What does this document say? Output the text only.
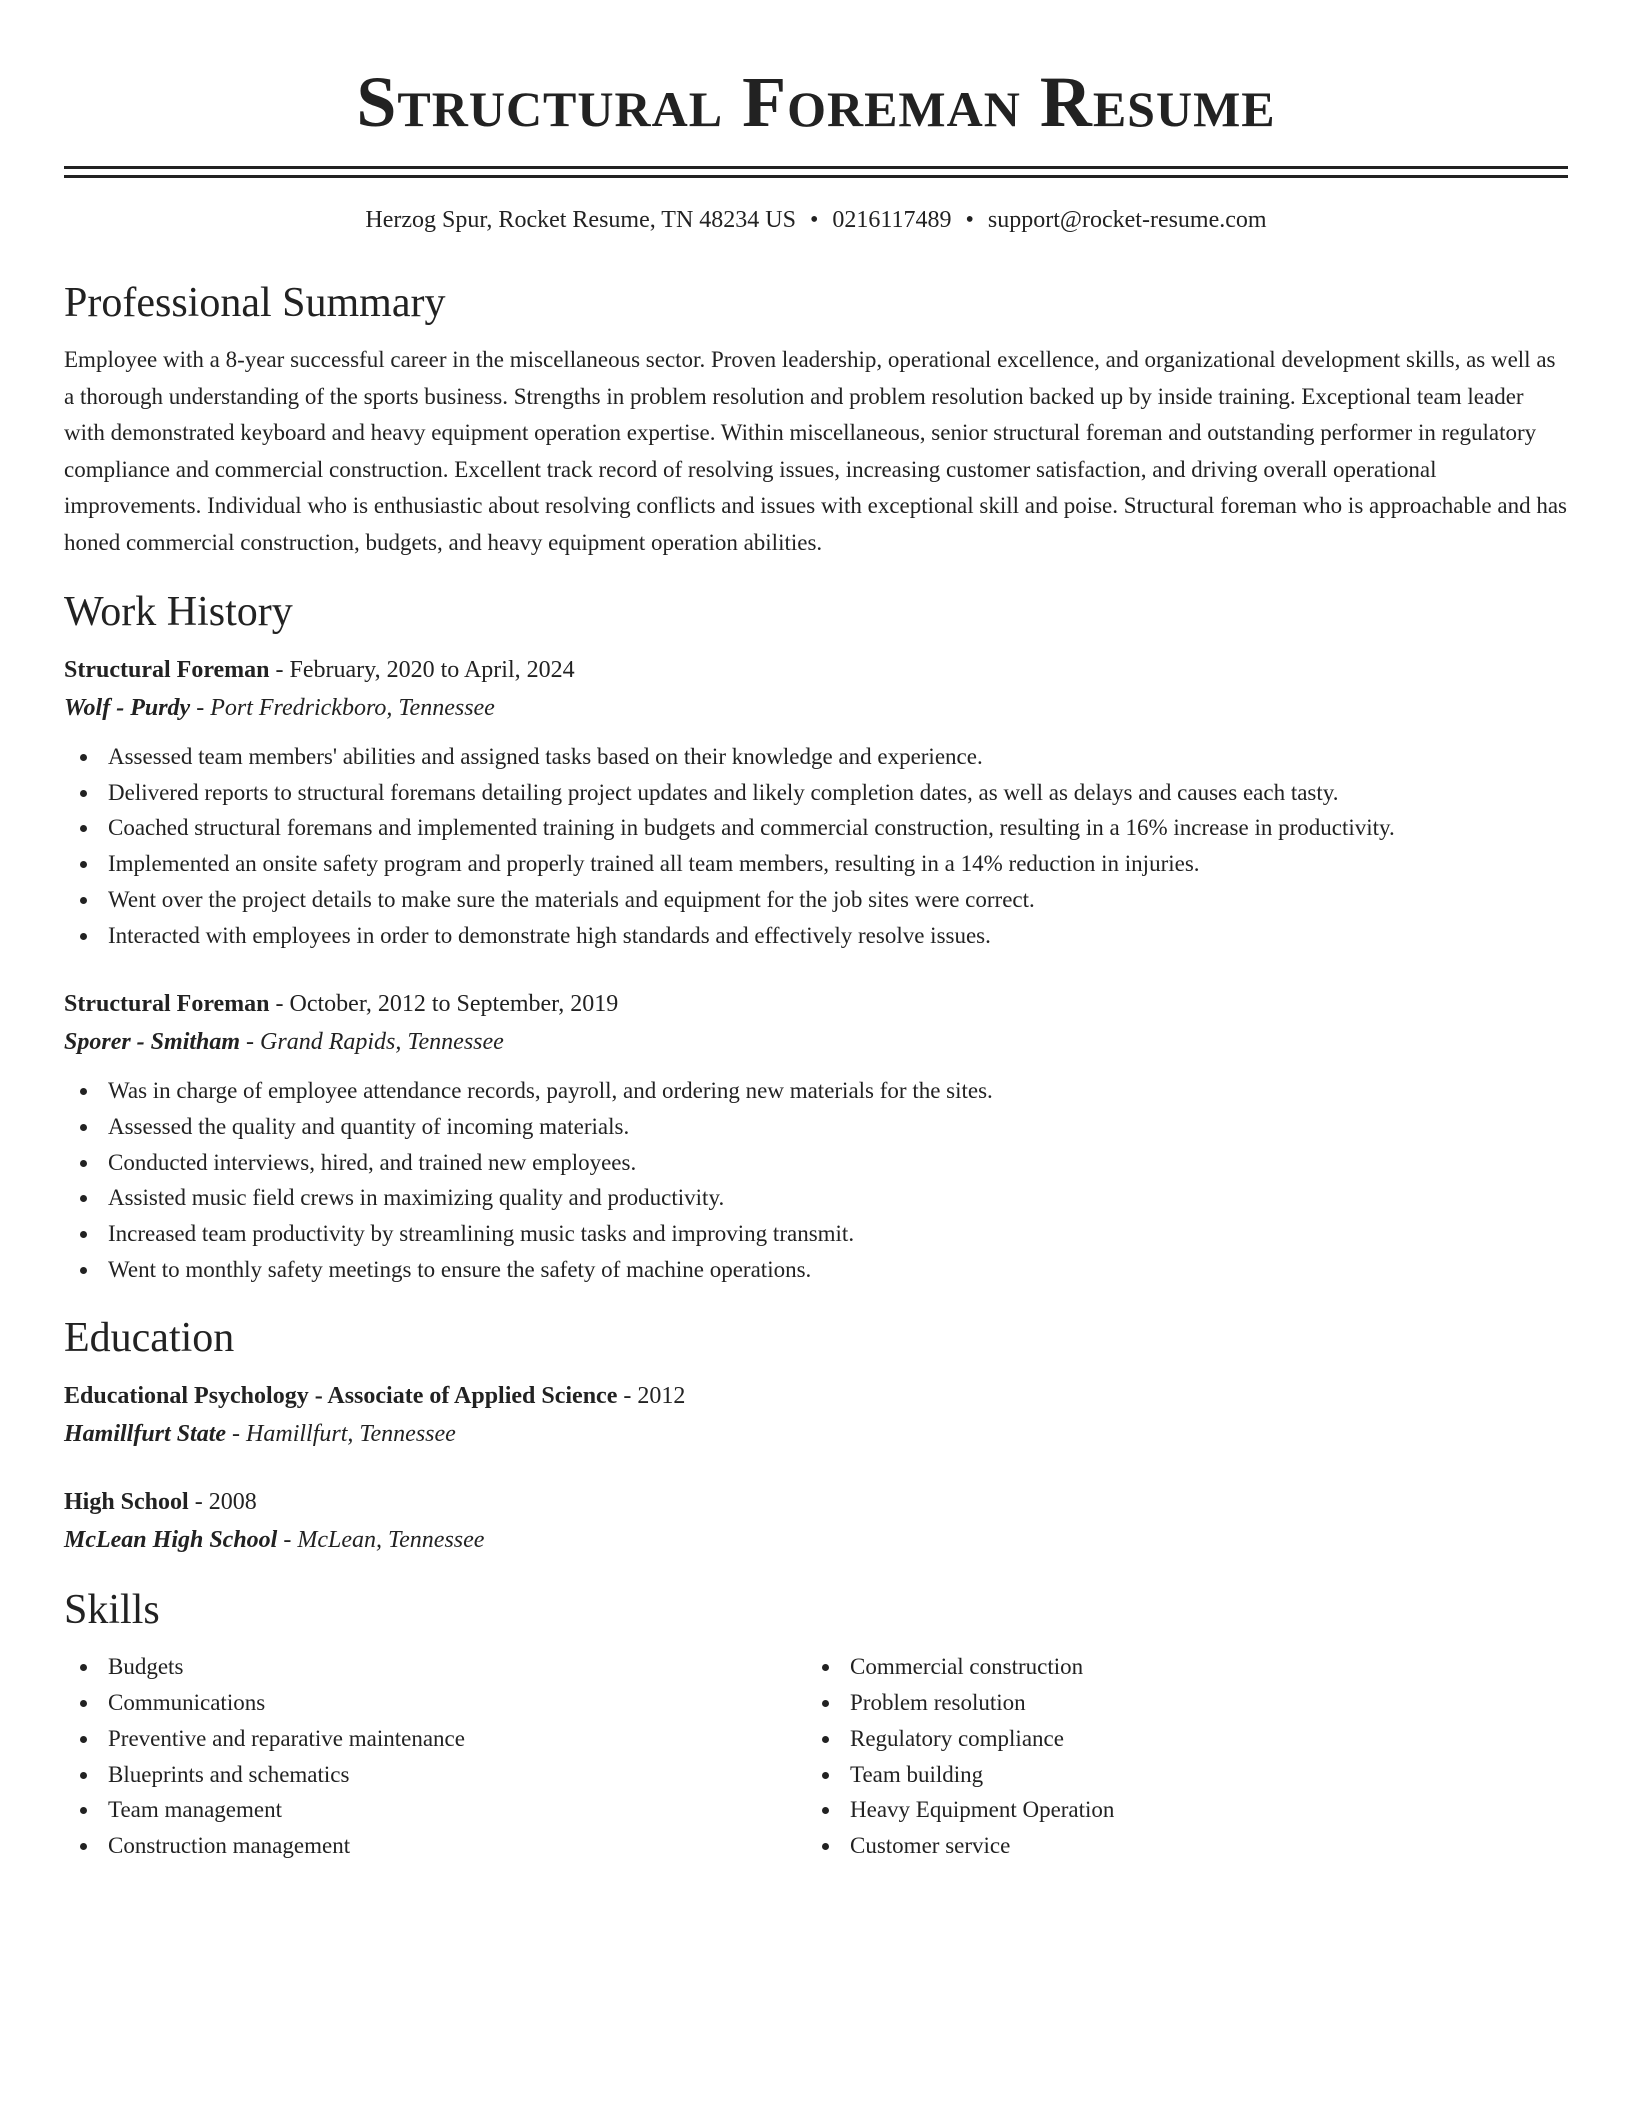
Structural Foreman Resume
Herzog Spur, Rocket Resume, TN 48234 US • 0216117489 • support@rocket-resume.com
Professional Summary

Employee with a 8-year successful career in the miscellaneous sector. Proven leadership, operational excellence, and organizational development skills, as well as a thorough understanding of the sports business. Strengths in problem resolution and problem resolution backed up by inside training. Exceptional team leader with demonstrated keyboard and heavy equipment operation expertise. Within miscellaneous, senior structural foreman and outstanding performer in regulatory compliance and commercial construction. Excellent track record of resolving issues, increasing customer satisfaction, and driving overall operational improvements. Individual who is enthusiastic about resolving conflicts and issues with exceptional skill and poise. Structural foreman who is approachable and has honed commercial construction, budgets, and heavy equipment operation abilities.

Work History
Structural Foreman - February, 2020 to April, 2024
Wolf - Purdy - Port Fredrickboro, Tennessee
Assessed team members' abilities and assigned tasks based on their knowledge and experience.
Delivered reports to structural foremans detailing project updates and likely completion dates, as well as delays and causes each tasty.
Coached structural foremans and implemented training in budgets and commercial construction, resulting in a 16% increase in productivity.
Implemented an onsite safety program and properly trained all team members, resulting in a 14% reduction in injuries.
Went over the project details to make sure the materials and equipment for the job sites were correct.
Interacted with employees in order to demonstrate high standards and effectively resolve issues.
Structural Foreman - October, 2012 to September, 2019
Sporer - Smitham - Grand Rapids, Tennessee
Was in charge of employee attendance records, payroll, and ordering new materials for the sites.
Assessed the quality and quantity of incoming materials.
Conducted interviews, hired, and trained new employees.
Assisted music field crews in maximizing quality and productivity.
Increased team productivity by streamlining music tasks and improving transmit.
Went to monthly safety meetings to ensure the safety of machine operations.
Education
Educational Psychology - Associate of Applied Science - 2012
Hamillfurt State - Hamillfurt, Tennessee
High School - 2008
McLean High School - McLean, Tennessee
Skills
Budgets
Communications
Preventive and reparative maintenance
Blueprints and schematics
Team management
Construction management
Commercial construction
Problem resolution
Regulatory compliance
Team building
Heavy Equipment Operation
Customer service
